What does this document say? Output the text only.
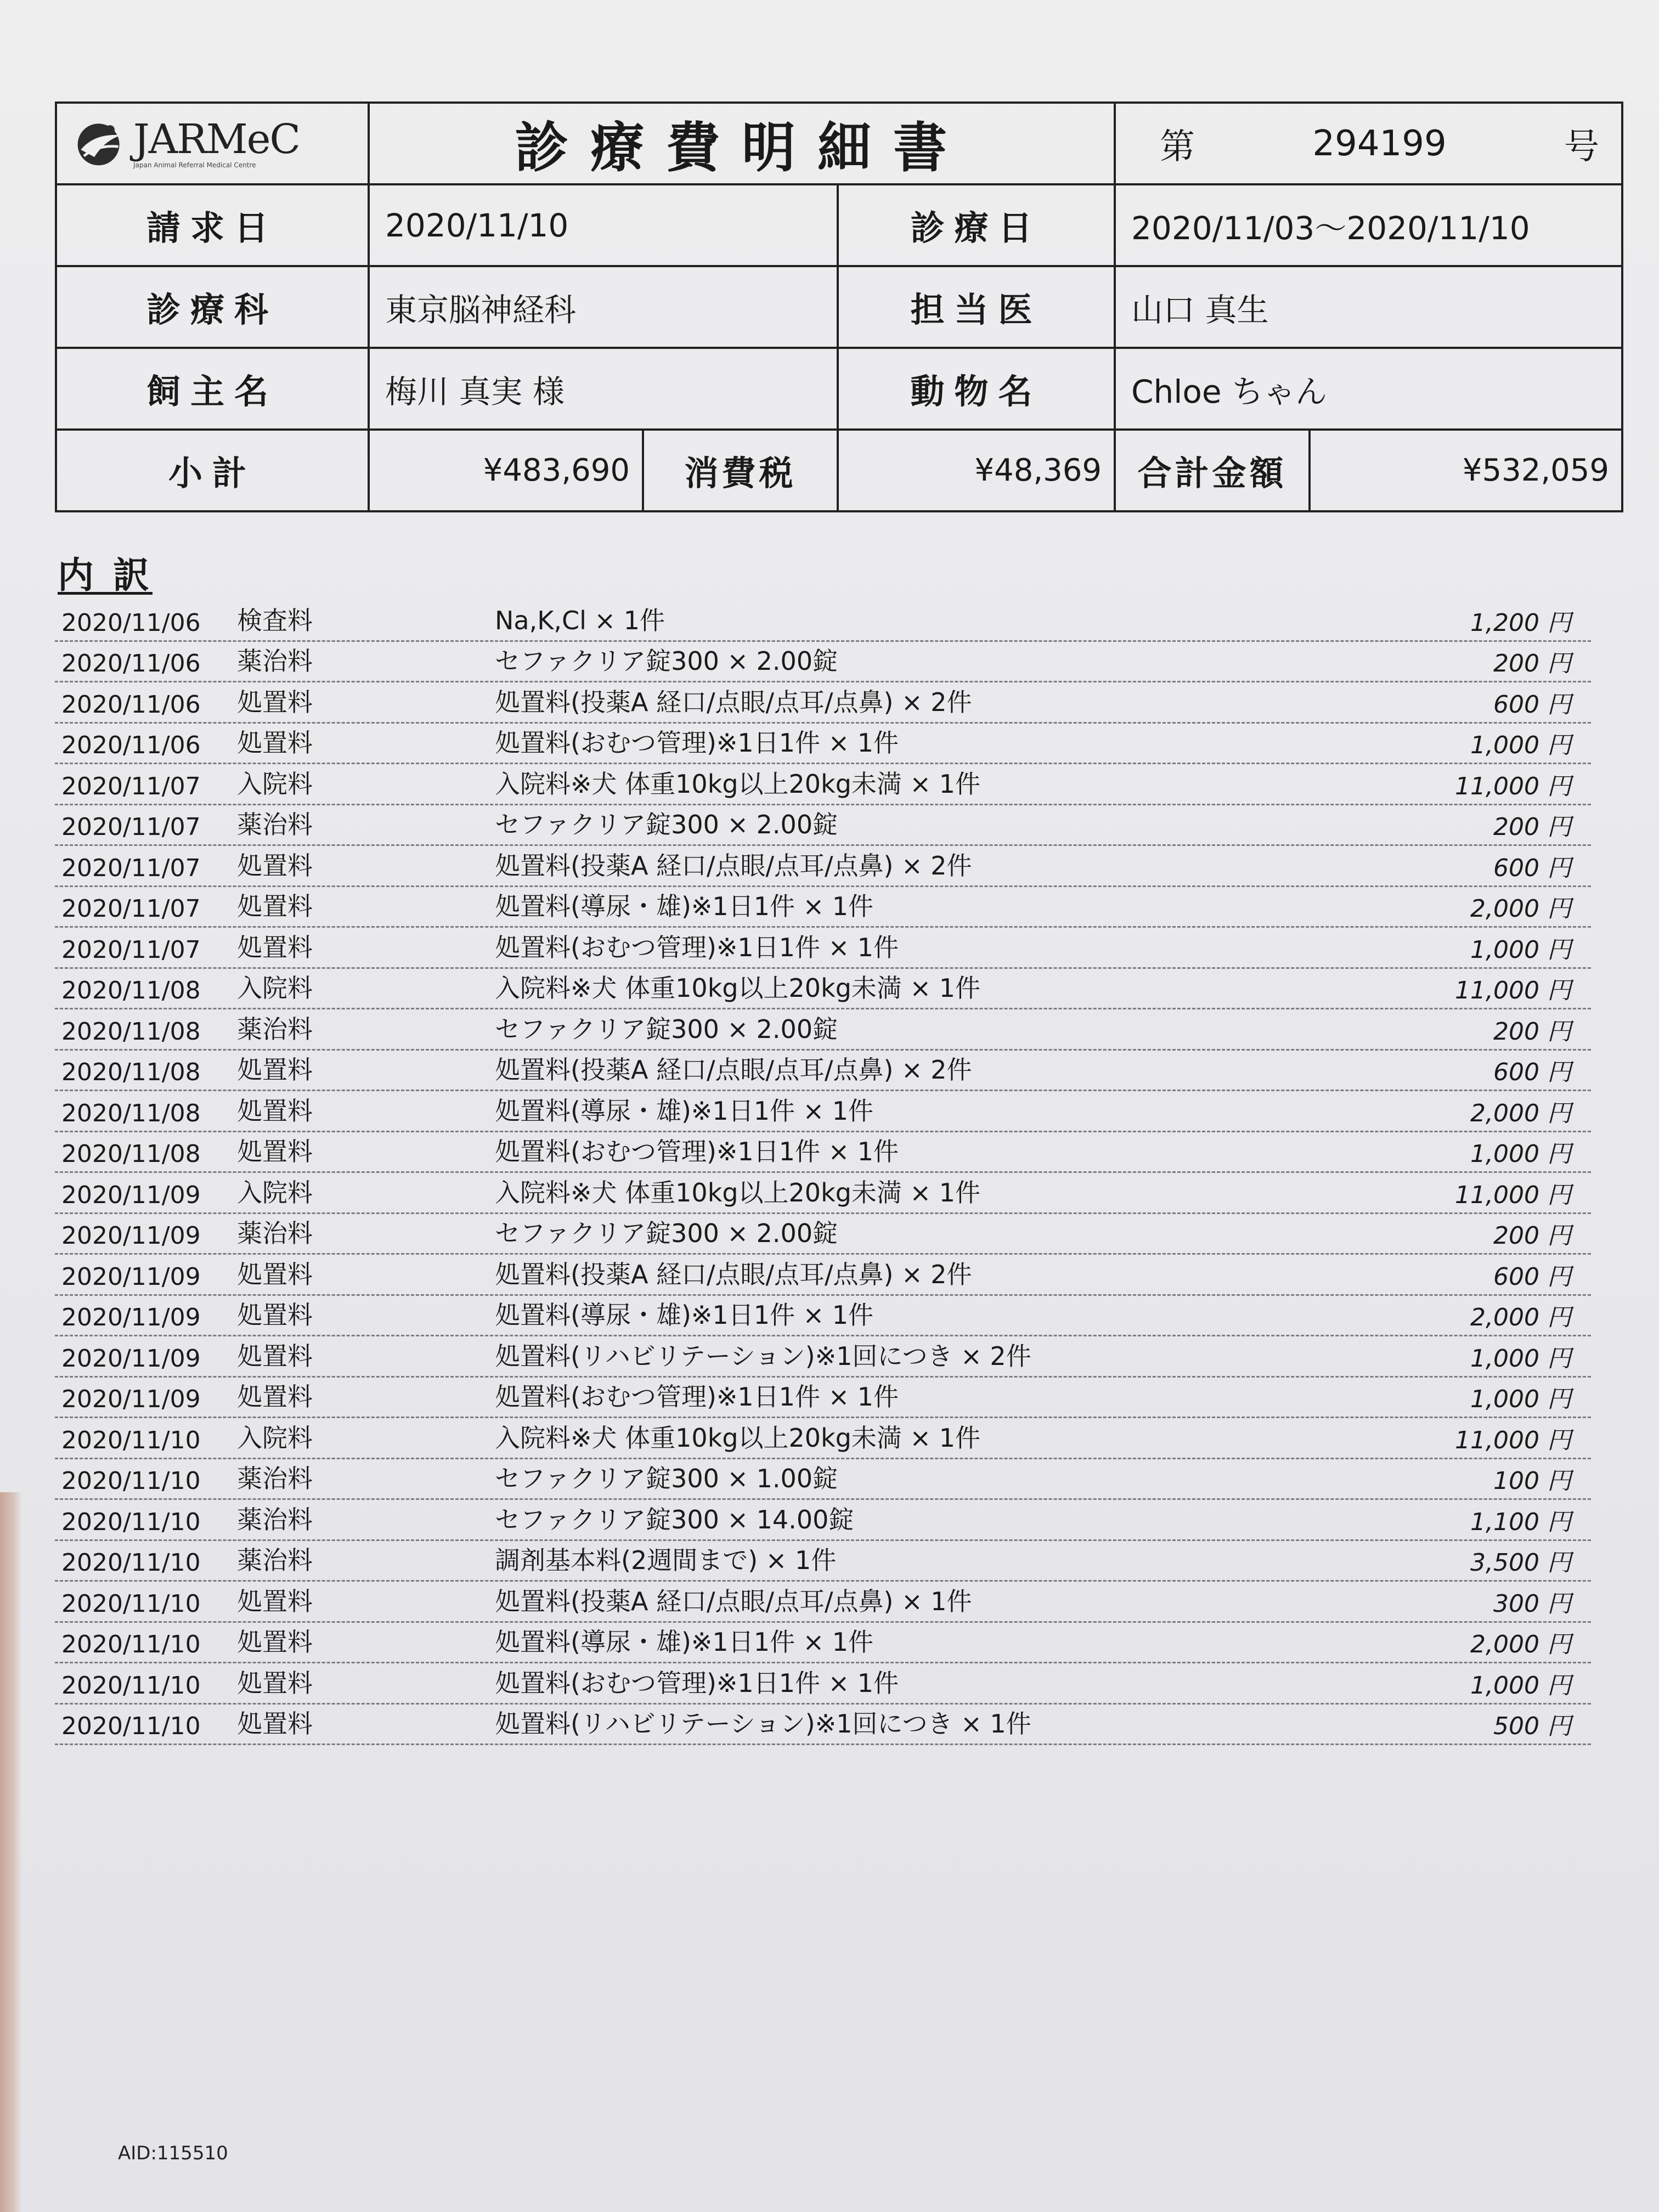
JARMeC
Japan Animal Referral Medical Centre	診療費明細書			第 294199 号	

請求日	2020/11/10		診療日	2020/11/03〜2020/11/10	
診療科	東京脳神経科		担当医	山口 真生	
飼主名	梅川 真実 様		動物名	Chloe ちゃん	
小計	¥483,690	消費税	¥48,369	合計金額	¥532,059
内 訳
2020/11/06	検査料	Na,K,Cl × 1件	1,200 円
2020/11/06	薬治料	セファクリア錠300 × 2.00錠	200 円
2020/11/06	処置料	処置料(投薬A 経口/点眼/点耳/点鼻) × 2件	600 円
2020/11/06	処置料	処置料(おむつ管理)※1日1件 × 1件	1,000 円
2020/11/07	入院料	入院料※犬 体重10kg以上20kg未満 × 1件	11,000 円
2020/11/07	薬治料	セファクリア錠300 × 2.00錠	200 円
2020/11/07	処置料	処置料(投薬A 経口/点眼/点耳/点鼻) × 2件	600 円
2020/11/07	処置料	処置料(導尿・雄)※1日1件 × 1件	2,000 円
2020/11/07	処置料	処置料(おむつ管理)※1日1件 × 1件	1,000 円
2020/11/08	入院料	入院料※犬 体重10kg以上20kg未満 × 1件	11,000 円
2020/11/08	薬治料	セファクリア錠300 × 2.00錠	200 円
2020/11/08	処置料	処置料(投薬A 経口/点眼/点耳/点鼻) × 2件	600 円
2020/11/08	処置料	処置料(導尿・雄)※1日1件 × 1件	2,000 円
2020/11/08	処置料	処置料(おむつ管理)※1日1件 × 1件	1,000 円
2020/11/09	入院料	入院料※犬 体重10kg以上20kg未満 × 1件	11,000 円
2020/11/09	薬治料	セファクリア錠300 × 2.00錠	200 円
2020/11/09	処置料	処置料(投薬A 経口/点眼/点耳/点鼻) × 2件	600 円
2020/11/09	処置料	処置料(導尿・雄)※1日1件 × 1件	2,000 円
2020/11/09	処置料	処置料(リハビリテーション)※1回につき × 2件	1,000 円
2020/11/09	処置料	処置料(おむつ管理)※1日1件 × 1件	1,000 円
2020/11/10	入院料	入院料※犬 体重10kg以上20kg未満 × 1件	11,000 円
2020/11/10	薬治料	セファクリア錠300 × 1.00錠	100 円
2020/11/10	薬治料	セファクリア錠300 × 14.00錠	1,100 円
2020/11/10	薬治料	調剤基本料(2週間まで) × 1件	3,500 円
2020/11/10	処置料	処置料(投薬A 経口/点眼/点耳/点鼻) × 1件	300 円
2020/11/10	処置料	処置料(導尿・雄)※1日1件 × 1件	2,000 円
2020/11/10	処置料	処置料(おむつ管理)※1日1件 × 1件	1,000 円
2020/11/10	処置料	処置料(リハビリテーション)※1回につき × 1件	500 円
AID:115510
